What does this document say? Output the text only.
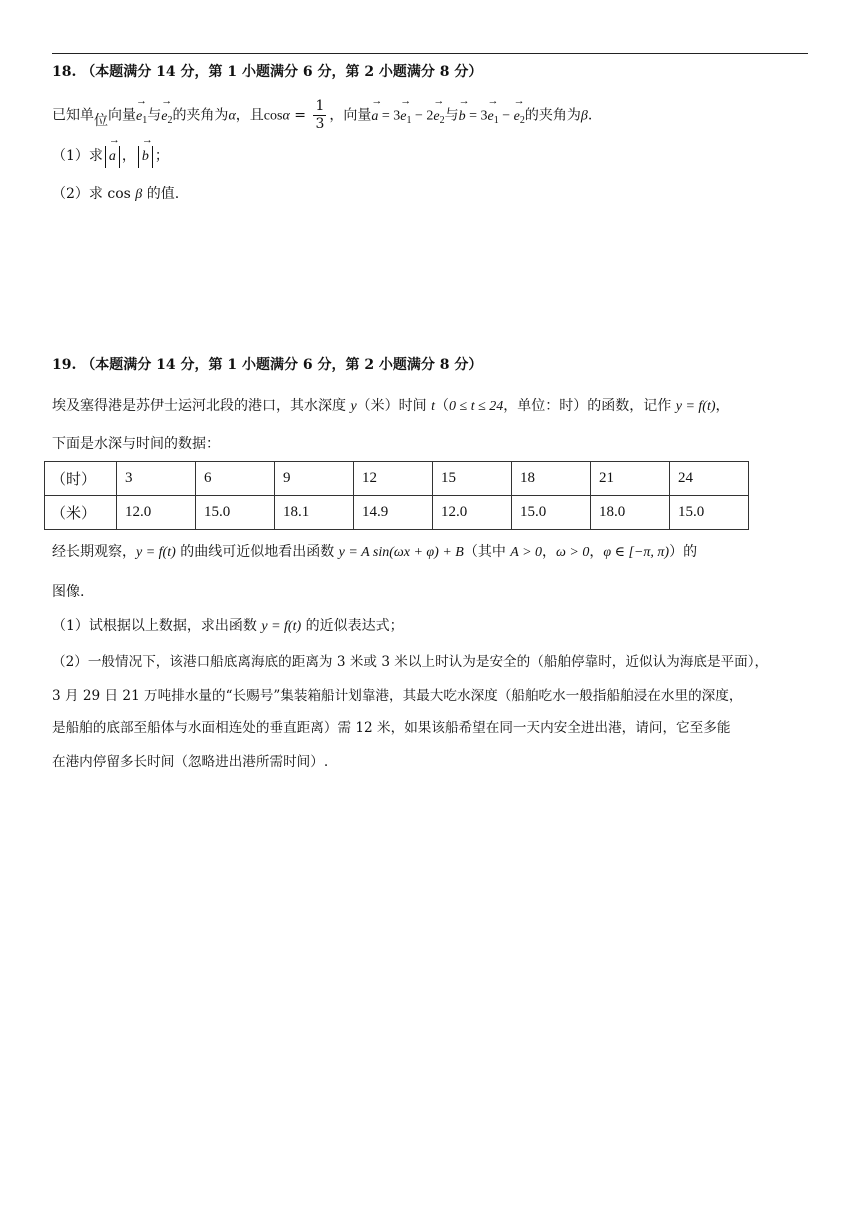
18. （本题满分 14 分，第 1 小题满分 6 分，第 2 小题满分 8 分）
已知单位向量→ $e_1$与→ $e_2$的夹角为α，且$\cos\alpha = \frac{1}{3}$ ，向量→ $a = 3\to e_1 - 2\to e_2$与→ $b = 3\to e_1$ − → $e_2$的夹角为β.
（1）求 → a ， → b ；
（2）求 cos β 的值.
19. （本题满分 14 分，第 1 小题满分 6 分，第 2 小题满分 8 分）
埃及塞得港是苏伊士运河北段的港口，其水深度 y（米）时间 t（0 ≤ t ≤ 24，单位：时）的函数，记作 y = f(t)，
下面是水深与时间的数据：
（时）	3	6	9	12	15	18	21	24
（米）	12.0	15.0	18.1	14.9	12.0	15.0	18.0	15.0
经长期观察，y = f(t) 的曲线可近似地看出函数 y = A sin(ωx + φ) + B（其中 A > 0，ω > 0，φ ∈ [−π, π)）的
图像.
（1）试根据以上数据，求出函数 y = f(t) 的近似表达式；
（2）一般情况下，该港口船底离海底的距离为 3 米或 3 米以上时认为是安全的（船舶停靠时，近似认为海底是平面），
3 月 29 日 21 万吨排水量的“长赐号”集装箱船计划靠港，其最大吃水深度（船舶吃水一般指船舶浸在水里的深度，
是船舶的底部至船体与水面相连处的垂直距离）需 12 米，如果该船希望在同一天内安全进出港，请问，它至多能
在港内停留多长时间（忽略进出港所需时间）.
